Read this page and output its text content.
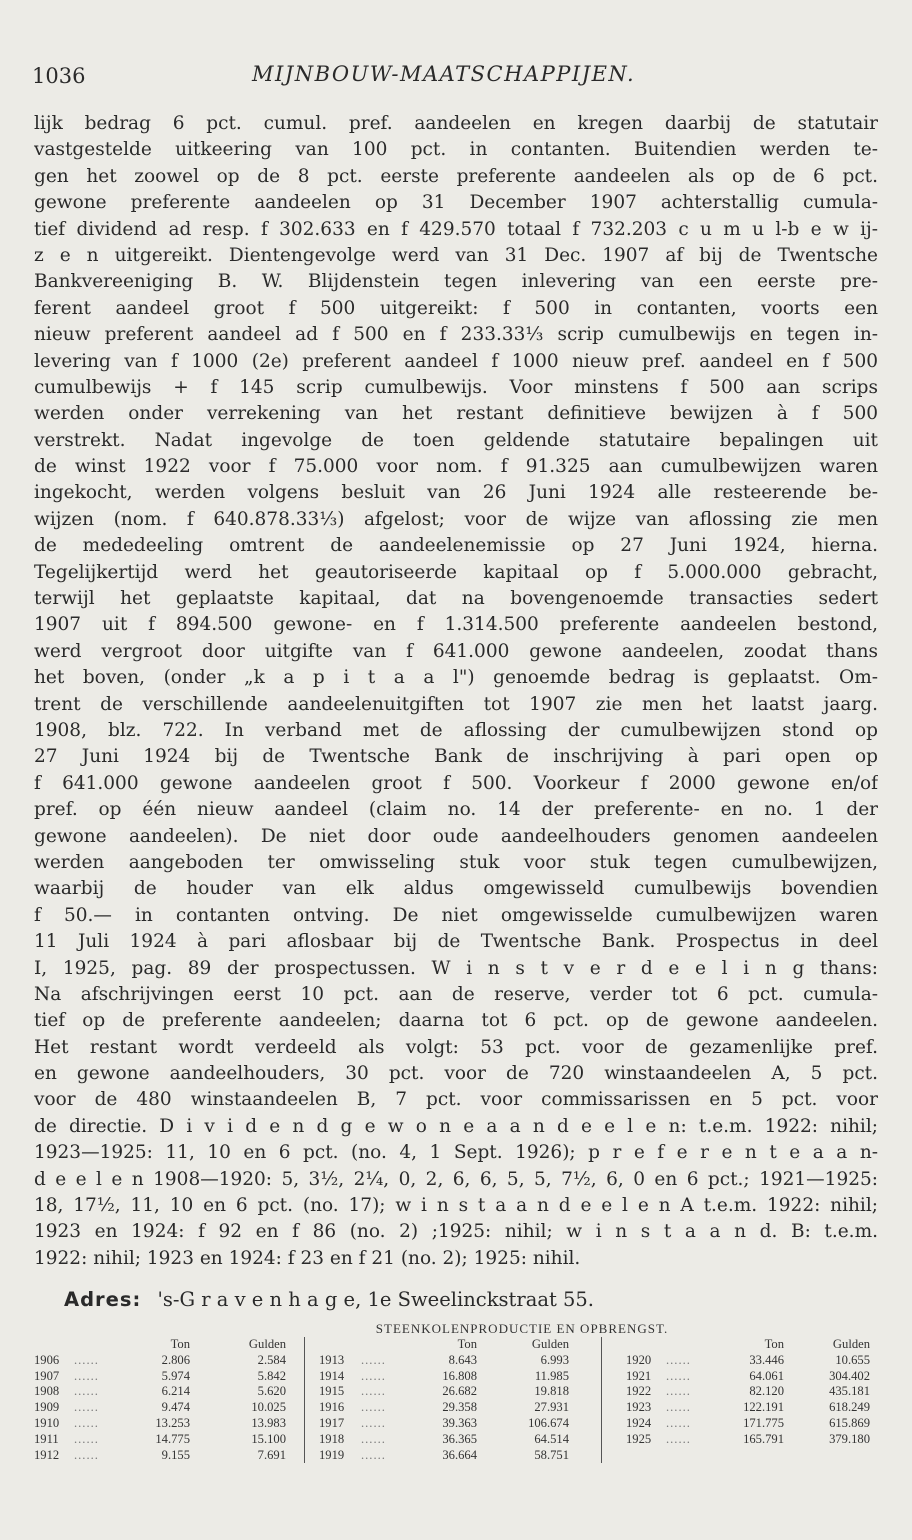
1036	MIJNBOUW-MAATSCHAPPIJEN.
lijk bedrag 6 pct. cumul. pref. aandeelen en kregen daarbij de statutair
vastgestelde uitkeering van 100 pct. in contanten. Buitendien werden te-
gen het zoowel op de 8 pct. eerste preferente aandeelen als op de 6 pct.
gewone preferente aandeelen op 31 December 1907 achterstallig cumula-
tief dividend ad resp. f 302.633 en f 429.570 totaal f 732.203 c u m u l-b e w ij-
z e n uitgereikt. Dientengevolge werd van 31 Dec. 1907 af bij de Twentsche
Bankvereeniging B. W. Blijdenstein tegen inlevering van een eerste pre-
ferent aandeel groot f 500 uitgereikt: f 500 in contanten, voorts een
nieuw preferent aandeel ad f 500 en f 233.33⅓ scrip cumulbewijs en tegen in-
levering van f 1000 (2e) preferent aandeel f 1000 nieuw pref. aandeel en f 500
cumulbewijs + f 145 scrip cumulbewijs. Voor minstens f 500 aan scrips
werden onder verrekening van het restant definitieve bewijzen à f 500
verstrekt. Nadat ingevolge de toen geldende statutaire bepalingen uit
de winst 1922 voor f 75.000 voor nom. f 91.325 aan cumulbewijzen waren
ingekocht, werden volgens besluit van 26 Juni 1924 alle resteerende be-
wijzen (nom. f 640.878.33⅓) afgelost; voor de wijze van aflossing zie men
de mededeeling omtrent de aandeelenemissie op 27 Juni 1924, hierna.
Tegelijkertijd werd het geautoriseerde kapitaal op f 5.000.000 gebracht,
terwijl het geplaatste kapitaal, dat na bovengenoemde transacties sedert
1907 uit f 894.500 gewone- en f 1.314.500 preferente aandeelen bestond,
werd vergroot door uitgifte van f 641.000 gewone aandeelen, zoodat thans
het boven, (onder „k a p i t a a l") genoemde bedrag is geplaatst. Om-
trent de verschillende aandeelenuitgiften tot 1907 zie men het laatst jaarg.
1908, blz. 722. In verband met de aflossing der cumulbewijzen stond op
27 Juni 1924 bij de Twentsche Bank de inschrijving à pari open op
f 641.000 gewone aandeelen groot f 500. Voorkeur f 2000 gewone en/of
pref. op één nieuw aandeel (claim no. 14 der preferente- en no. 1 der
gewone aandeelen). De niet door oude aandeelhouders genomen aandeelen
werden aangeboden ter omwisseling stuk voor stuk tegen cumulbewijzen,
waarbij de houder van elk aldus omgewisseld cumulbewijs bovendien
f 50.— in contanten ontving. De niet omgewisselde cumulbewijzen waren
11 Juli 1924 à pari aflosbaar bij de Twentsche Bank. Prospectus in deel
I, 1925, pag. 89 der prospectussen. W i n s t v e r d e e l i n g thans:
Na afschrijvingen eerst 10 pct. aan de reserve, verder tot 6 pct. cumula-
tief op de preferente aandeelen; daarna tot 6 pct. op de gewone aandeelen.
Het restant wordt verdeeld als volgt: 53 pct. voor de gezamenlijke pref.
en gewone aandeelhouders, 30 pct. voor de 720 winstaandeelen A, 5 pct.
voor de 480 winstaandeelen B, 7 pct. voor commissarissen en 5 pct. voor
de directie. D i v i d e n d g e w o n e a a n d e e l e n: t.e.m. 1922: nihil;
1923—1925: 11, 10 en 6 pct. (no. 4, 1 Sept. 1926); p r e f e r e n t e a a n-
d e e l e n 1908—1920: 5, 3½, 2¼, 0, 2, 6, 6, 5, 5, 7½, 6, 0 en 6 pct.; 1921—1925:
18, 17½, 11, 10 en 6 pct. (no. 17); w i n s t a a n d e e l e n A t.e.m. 1922: nihil;
1923 en 1924: f 92 en f 86 (no. 2) ;1925: nihil; w i n s t a a n d. B: t.e.m.
1922: nihil; 1923 en 1924: f 23 en f 21 (no. 2); 1925: nihil.
Adres: 's-G r a v e n h a g e, 1e Sweelinckstraat 55.
STEENKOLENPRODUCTIE EN OPBRENGST.
Ton	Gulden
1906	......	2.806	2.584
1907	......	5.974	5.842
1908	......	6.214	5.620
1909	......	9.474	10.025
1910	......	13.253	13.983
1911	......	14.775	15.100
1912	......	9.155	7.691
Ton	Gulden
1913	......	8.643	6.993
1914	......	16.808	11.985
1915	......	26.682	19.818
1916	......	29.358	27.931
1917	......	39.363	106.674
1918	......	36.365	64.514
1919	......	36.664	58.751
Ton	Gulden
1920	......	33.446	10.655
1921	......	64.061	304.402
1922	......	82.120	435.181
1923	......	122.191	618.249
1924	......	171.775	615.869
1925	......	165.791	379.180
